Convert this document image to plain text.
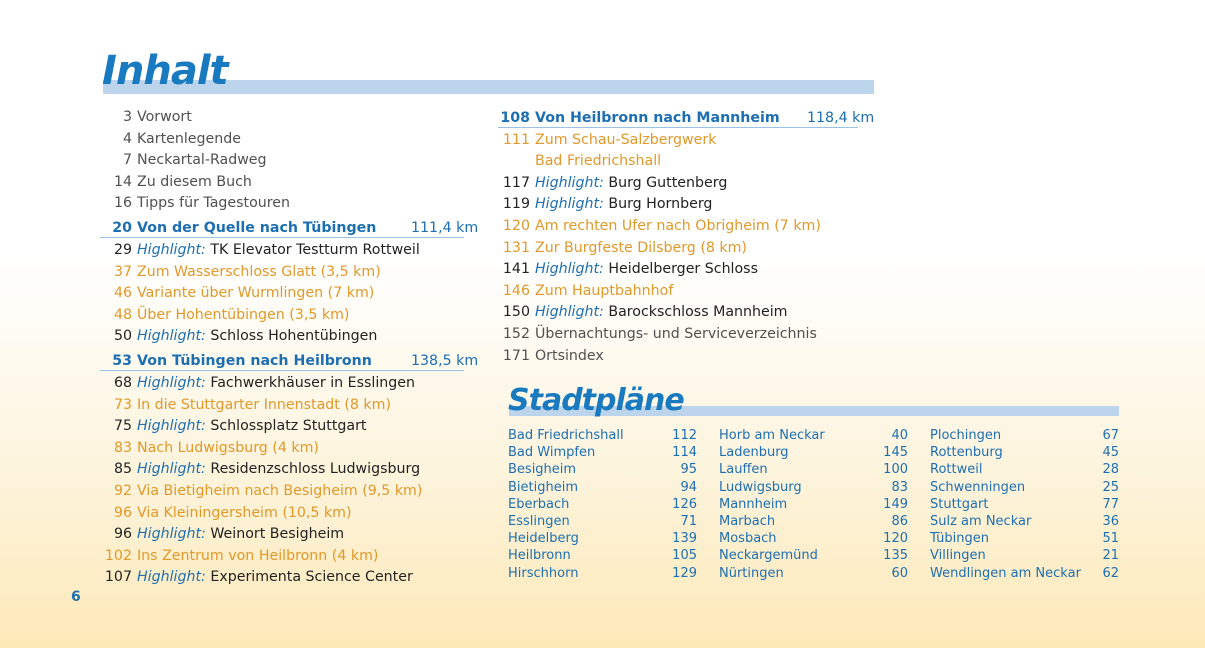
Inhalt
3 Vorwort
4 Kartenlegende
7 Neckartal-Radweg
14 Zu diesem Buch
16 Tipps für Tagestouren
20 Von der Quelle nach Tübingen 111,4 km
29 Highlight: TK Elevator Testturm Rottweil
37 Zum Wasserschloss Glatt (3,5 km)
46 Variante über Wurmlingen (7 km)
48 Über Hohentübingen (3,5 km)
50 Highlight: Schloss Hohentübingen
53 Von Tübingen nach Heilbronn	138,5 km
68 Highlight: Fachwerkhäuser in Esslingen
73 In die Stuttgarter Innenstadt (8 km)
75 Highlight: Schlossplatz Stuttgart
83 Nach Ludwigsburg (4 km)
85 Highlight: Residenzschloss Ludwigsburg
92 Via Bietigheim nach Besigheim (9,5 km)
96 Via Kleiningersheim (10,5 km)
96 Highlight: Weinort Besigheim
102 Ins Zentrum von Heilbronn (4 km)
107 Highlight: Experimenta Science Center
108 Von Heilbronn nach Mannheim 118,4 km
111 Zum Schau-Salzbergwerk
Bad Friedrichshall
117 Highlight: Burg Guttenberg
119 Highlight: Burg Hornberg
120 Am rechten Ufer nach Obrigheim (7 km)
131 Zur Burgfeste Dilsberg (8 km)
141 Highlight: Heidelberger Schloss
146 Zum Hauptbahnhof
150 Highlight: Barockschloss Mannheim
152 Übernachtungs- und Serviceverzeichnis
171 Ortsindex
Stadtpläne
Bad Friedrichshall	112
Bad Wimpfen	114
Besigheim	95
Bietigheim	94
Eberbach	126
Esslingen	71
Heidelberg	139
Heilbronn	105
Hirschhorn	129
Horb am Neckar	40
Ladenburg	145
Lauffen	100
Ludwigsburg	83
Mannheim	149
Marbach	86
Mosbach	120
Neckargemünd	135
Nürtingen	60
Plochingen	67
Rottenburg	45
Rottweil	28
Schwenningen	25
Stuttgart	77
Sulz am Neckar	36
Tübingen	51
Villingen	21
Wendlingen am Neckar 62
6
